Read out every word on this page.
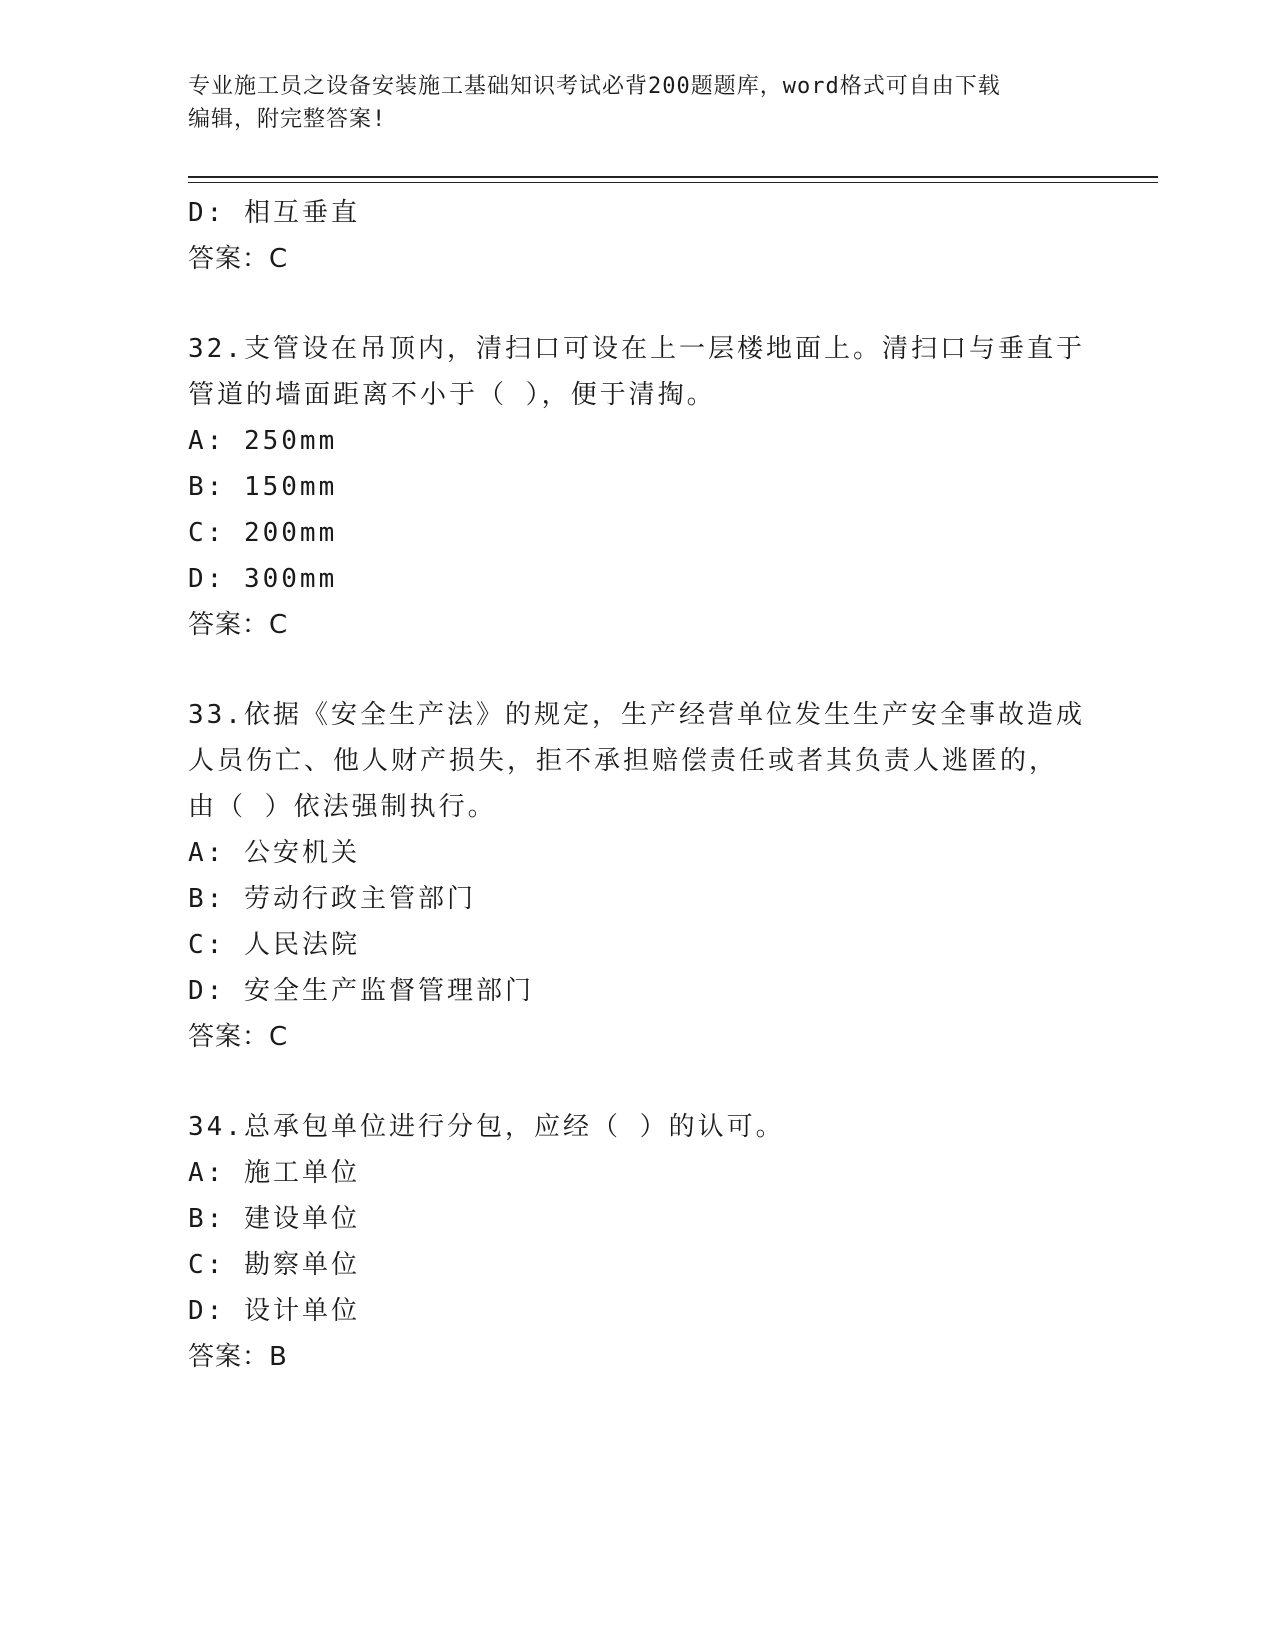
专业施工员之设备安装施工基础知识考试必背200题题库，word格式可自由下载
编辑，附完整答案!
D: 相互垂直
答案：C
32.支管设在吊顶内，清扫口可设在上一层楼地面上。清扫口与垂直于
管道的墙面距离不小于（ ），便于清掏。
A: 250mm
B: 150mm
C: 200mm
D: 300mm
答案：C
33.依据《安全生产法》的规定，生产经营单位发生生产安全事故造成
人员伤亡、他人财产损失，拒不承担赔偿责任或者其负责人逃匿的，
由（ ）依法强制执行。
A: 公安机关
B: 劳动行政主管部门
C: 人民法院
D: 安全生产监督管理部门
答案：C
34.总承包单位进行分包，应经（ ）的认可。
A: 施工单位
B: 建设单位
C: 勘察单位
D: 设计单位
答案：B
